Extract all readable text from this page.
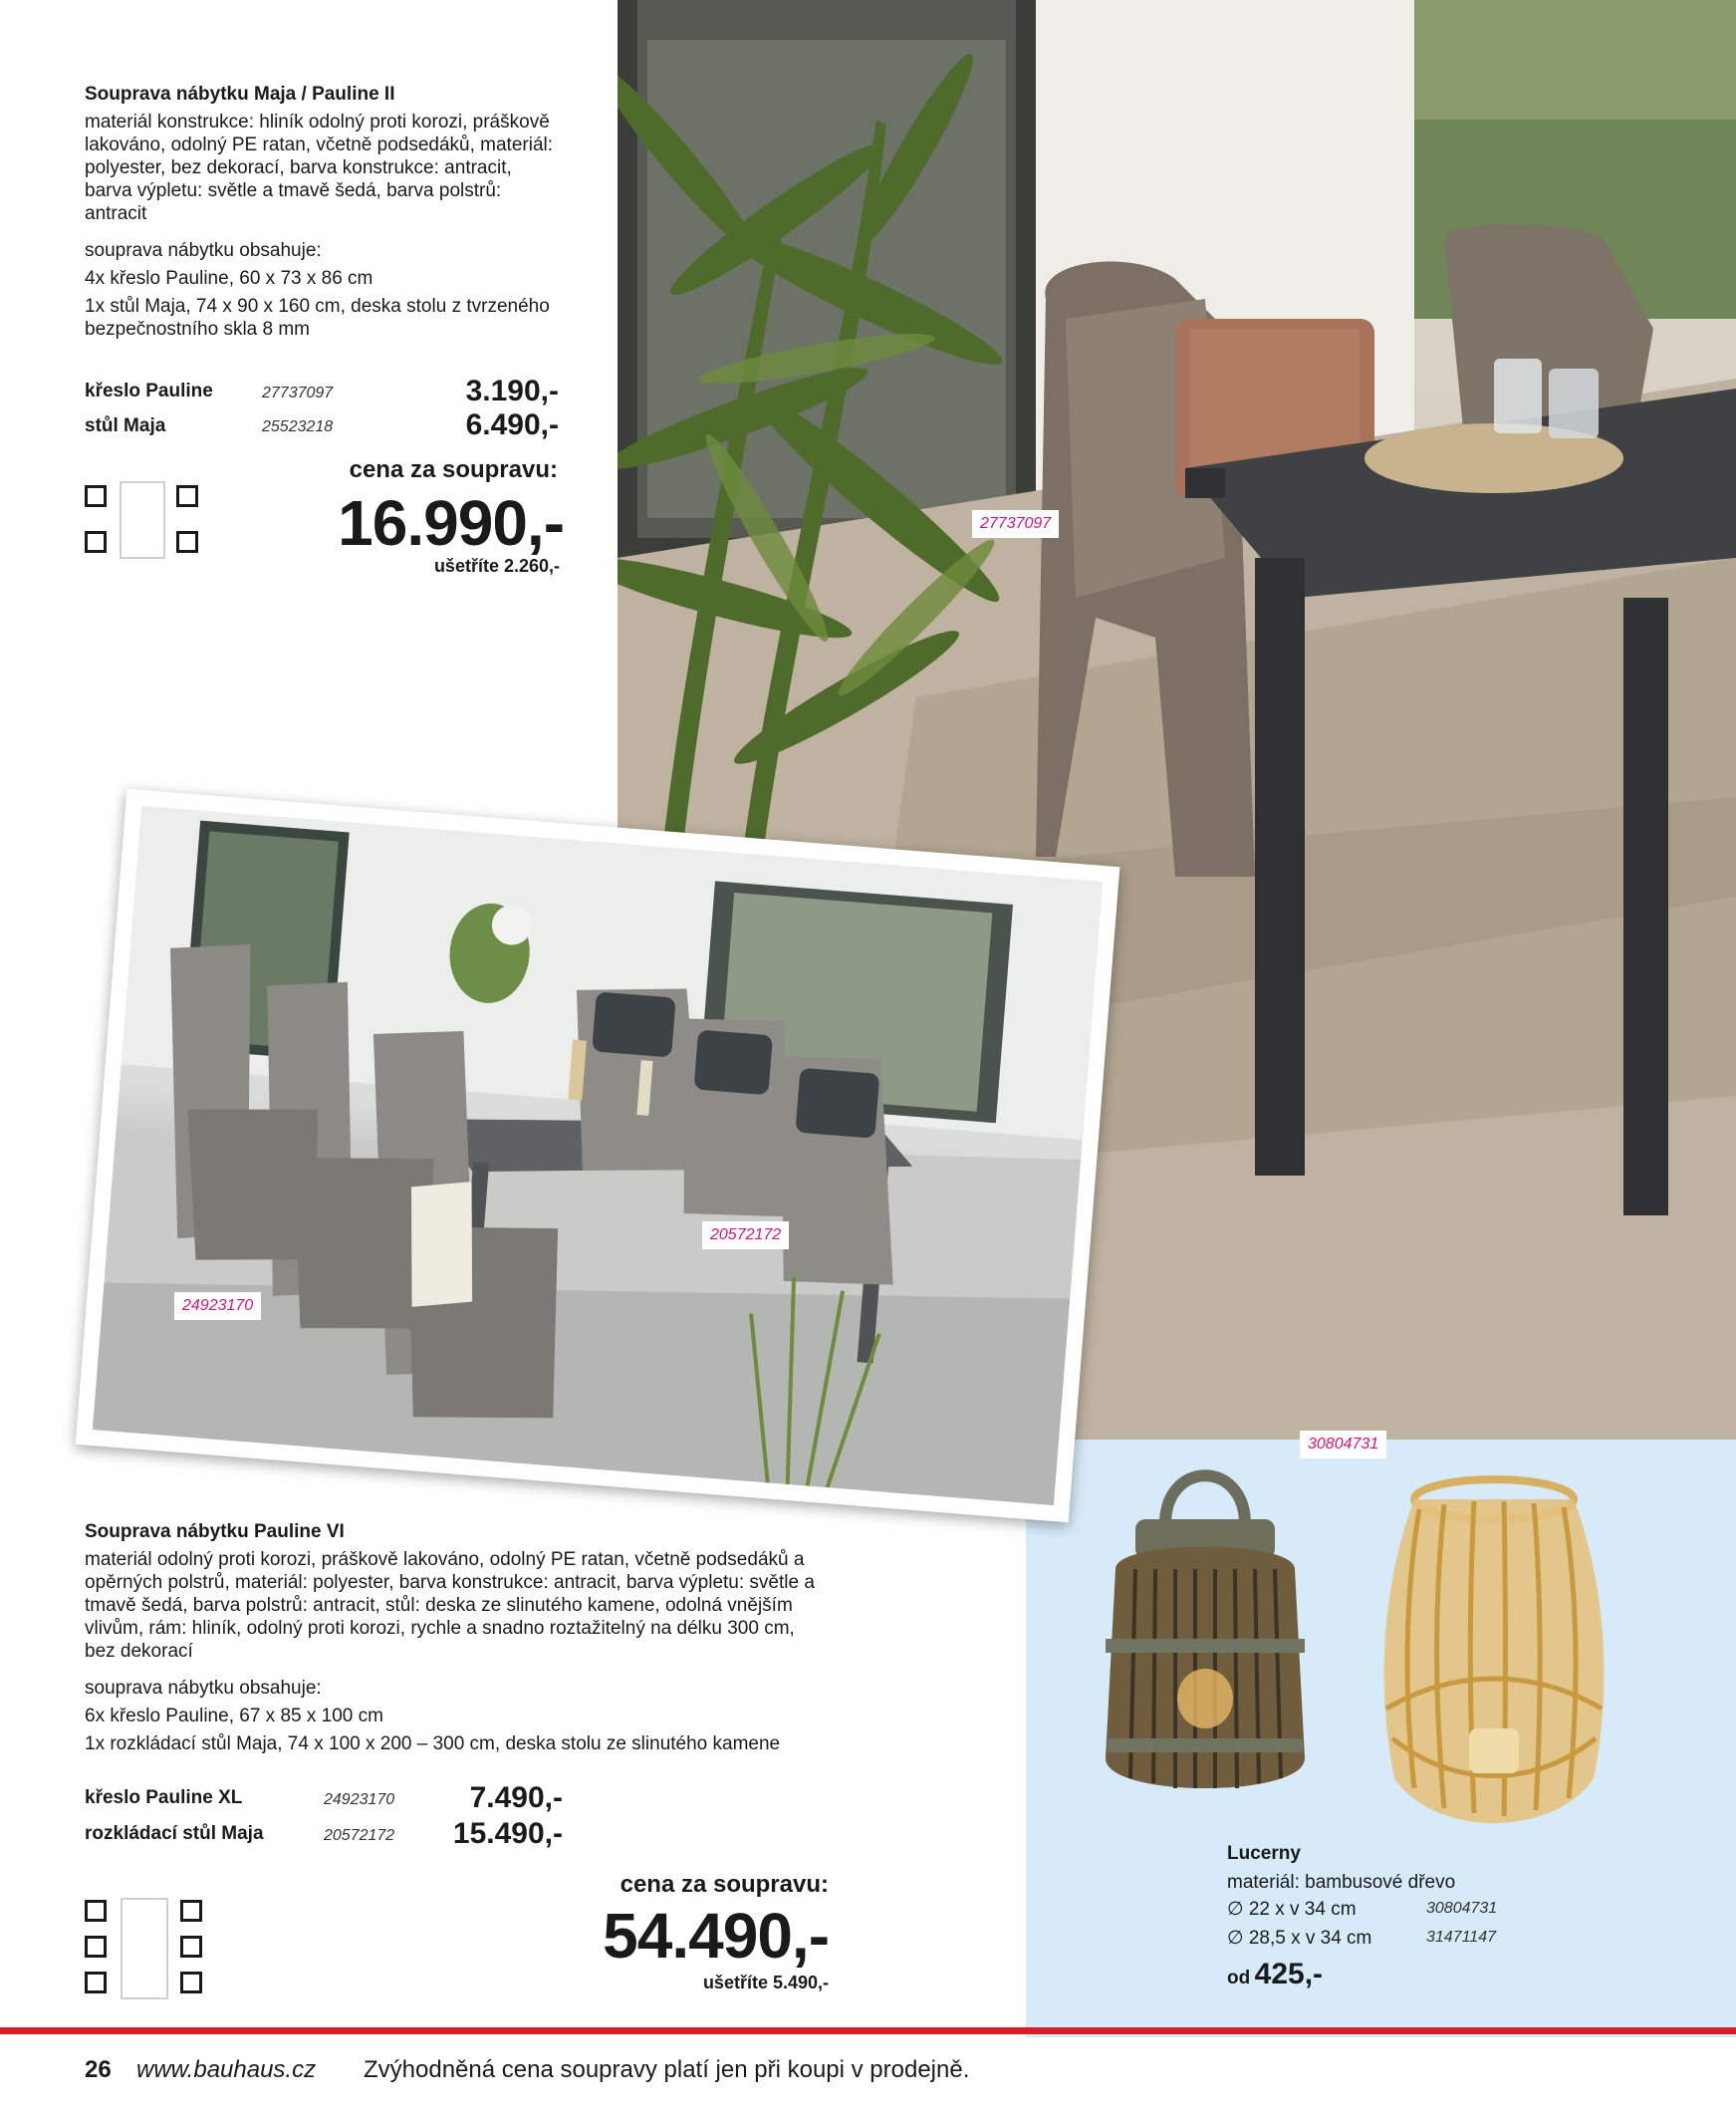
27737097
20572172
24923170
30804731
Souprava nábytku Maja / Pauline II
materiál konstrukce: hliník odolný proti korozi, práškově lakováno, odolný PE ratan, včetně podsedáků, materiál: polyester, bez dekorací, barva konstrukce: antracit, barva výpletu: světle a tmavě šedá, barva polstrů: antracit
souprava nábytku obsahuje:
4x křeslo Pauline, 60 x 73 x 86 cm
1x stůl Maja, 74 x 90 x 160 cm, deska stolu z tvrzeného bezpečnostního skla 8 mm
křeslo Pauline	27737097	3.190,-
stůl Maja	25523218	6.490,-
cena za soupravu:
16.990,-
ušetříte 2.260,-
Souprava nábytku Pauline VI
materiál odolný proti korozi, práškově lakováno, odolný PE ratan, včetně podsedáků a opěrných polstrů, materiál: polyester, barva konstrukce: antracit, barva výpletu: světle a tmavě šedá, barva polstrů: antracit, stůl: deska ze slinutého kamene, odolná vnějším vlivům, rám: hliník, odolný proti korozi, rychle a snadno roztažitelný na délku 300 cm, bez dekorací
souprava nábytku obsahuje:
6x křeslo Pauline, 67 x 85 x 100 cm
1x rozkládací stůl Maja, 74 x 100 x 200 – 300 cm, deska stolu ze slinutého kamene
křeslo Pauline XL	24923170	7.490,-
rozkládací stůl Maja	20572172 15.490,-
cena za soupravu:
54.490,-
ušetříte 5.490,-
Lucerny
materiál: bambusové dřevo
∅ 22 x v 34 cm	30804731
∅ 28,5 x v 34 cm	31471147
od 425,-
26 www.bauhaus.cz Zvýhodněná cena soupravy platí jen při koupi v prodejně.
